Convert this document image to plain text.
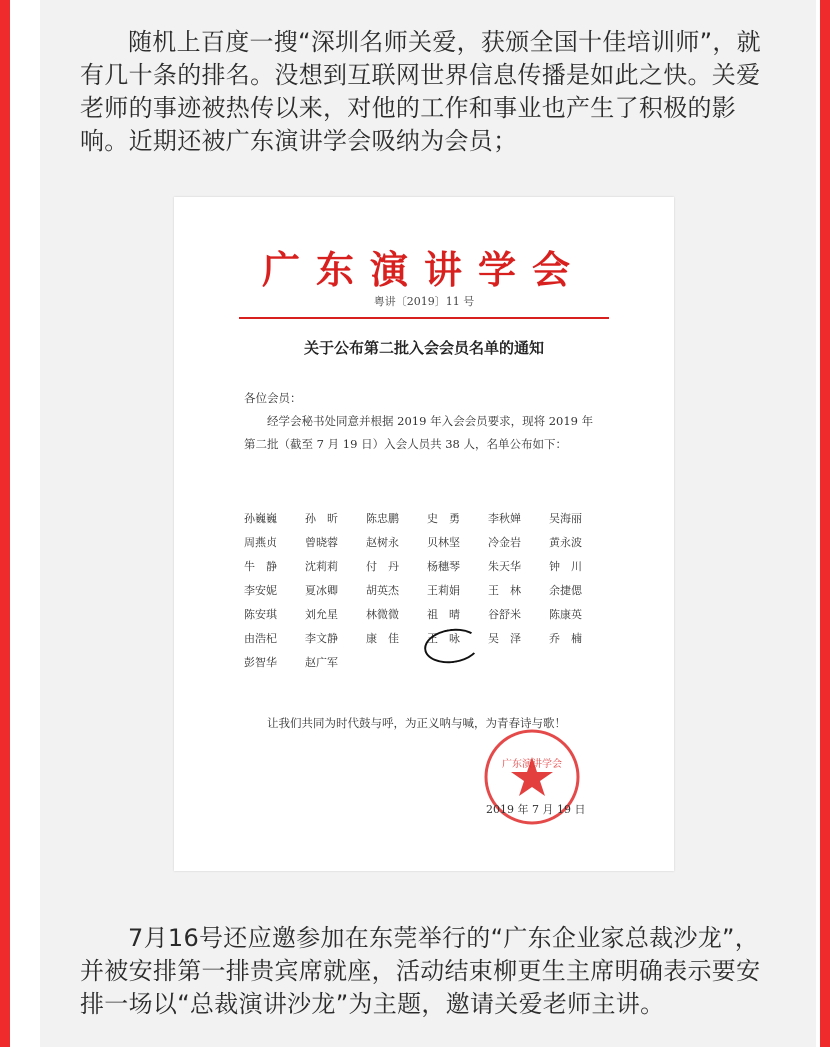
随机上百度一搜“深圳名师关爱，获颁全国十佳培训师”，就有几十条的排名。没想到互联网世界信息传播是如此之快。关爱老师的事迹被热传以来，对他的工作和事业也产生了积极的影响。近期还被广东演讲学会吸纳为会员；

广东演讲学会
粤讲〔2019〕11 号
关于公布第二批入会会员名单的通知
各位会员：
经学会秘书处同意并根据 2019 年入会会员要求，现将 2019 年第二批（截至 7 月 19 日）入会人员共 38 人，名单公布如下：
孙巍巍	孙　昕	陈忠鹏	史　勇	李秋婵	吴海丽
周燕贞	曾晓蓉	赵树永	贝林坚	冷金岩	黄永波
牛　静	沈莉莉	付　丹	杨穗琴	朱天华	钟　川
李安妮	夏冰卿	胡英杰	王莉娟	王　林	余捷偲
陈安琪	刘允星	林微微	祖　晴	谷舒米	陈康英
由浩杞	李文静	康　佳	王　咏	吴　泽	乔　楠
彭智华	赵广军
让我们共同为时代鼓与呼，为正义呐与喊，为青春诗与歌！
广东演讲学会
2019 年 7 月 19 日

7月16号还应邀参加在东莞举行的“广东企业家总裁沙龙”，并被安排第一排贵宾席就座，活动结束柳更生主席明确表示要安排一场以“总裁演讲沙龙”为主题，邀请关爱老师主讲。
